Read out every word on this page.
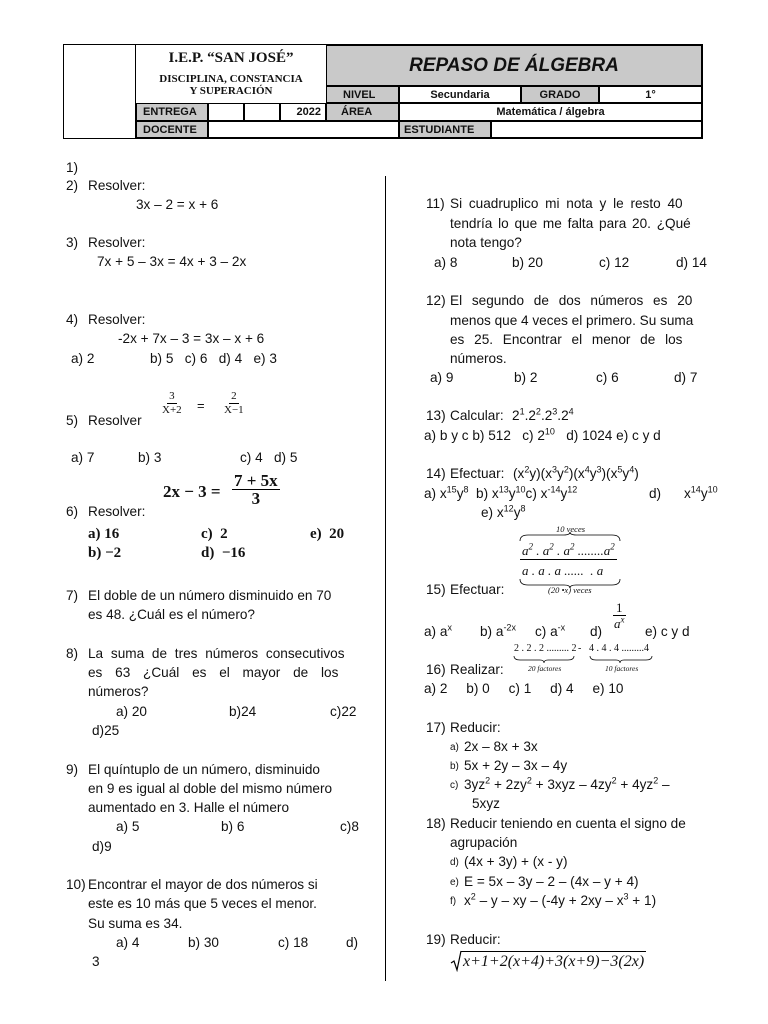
I.E.P. “SAN JOSÉ”
DISCIPLINA, CONSTANCIA
Y SUPERACIÓN
REPASO DE ÁLGEBRA
NIVEL	Secundaria	GRADO	1°
ENTREGA	2022	ÁREA	Matemática / álgebra
DOCENTE	ESTUDIANTE
1)
2) Resolver:
3x – 2 = x + 6
3) Resolver:
7x + 5 – 3x = 4x + 3 – 2x
4) Resolver:
-2x + 7x – 3 = 3x – x + 6
a) 2	b) 5   c) 6   d) 4   e) 3
$\frac{3}{X+2} = \frac{2}{X-1}$
5) Resolver
a) 7	b) 3	c) 4   d) 5
$2x - 3 = \frac{7 + 5x}{3}$
6) Resolver:
a) 16	c)  2	e)  20
b) −2	d)  −16
7) El doble de un número disminuido en 70
es 48. ¿Cuál es el número?
8) La suma de tres números consecutivos
es 63 ¿Cuál es el mayor de los
números?
a) 20	b)24	c)22
d)25
9) El quíntuplo de un número, disminuido
en 9 es igual al doble del mismo número
aumentado en 3. Halle el número
a) 5	b) 6	c)8
d)9
10) Encontrar el mayor de dos números si
este es 10 más que 5 veces el menor.
Su suma es 34.
a) 4	b) 30	c) 18	d)
3
11) Si cuadruplico mi nota y le resto 40
tendría lo que me falta para 20. ¿Qué
nota tengo?
a) 8	b) 20	c) 12	d) 14
12) El segundo de dos números es 20
menos que 4 veces el primero. Su suma
es 25. Encontrar el menor de los
números.
a) 9	b) 2	c) 6	d) 7
13) Calcular: $2^1.2^2.2^3.2^4$
a) b y c b) 512   c) $2^{10}$ d) 1024 e) c y d
14) Efectuar: $(x^2y)(x^3y^2)(x^4y^3)(x^5y^4)$
a) $x^{15}y^8$  b) $x^{13}y^{10}c$) $x^{-14}y^{12}$	d) $x^{14}y^{10}$
e) $x^{12}y^8$
10 veces
$\frac{a^2 . a^2 . a^2 ........a^2}{a . a . a ...... . a}$
(20 •x) veces
15) Efectuar:
$\frac{1}{a^x}$
a) $a^x$ b) $a^{-2x}$ c) $a^{-x}$ d)	e) c y d
2 . 2 . 2 ......... 2 - 4 . 4 . 4 .........4
20 factores	10 factores
16) Realizar:
a) 2     b) 0     c) 1     d) 4     e) 10
17) Reducir:
a) 2x – 8x + 3x
b) 5x + 2y – 3x – 4y
c) $3yz^2 + 2zy^2 + 3xyz - 4zy^2 + 4yz^2$ –
5xyz
18) Reducir teniendo en cuenta el signo de
agrupación
d) (4x + 3y) + (x - y)
e) E = 5x – 3y – 2 – (4x – y + 4)
f) $x^2$ – y – xy – $(-4y + 2xy - x^3 + 1)$
19) Reducir:
x+1+2(x+4)+3(x+9)−3(2x)
